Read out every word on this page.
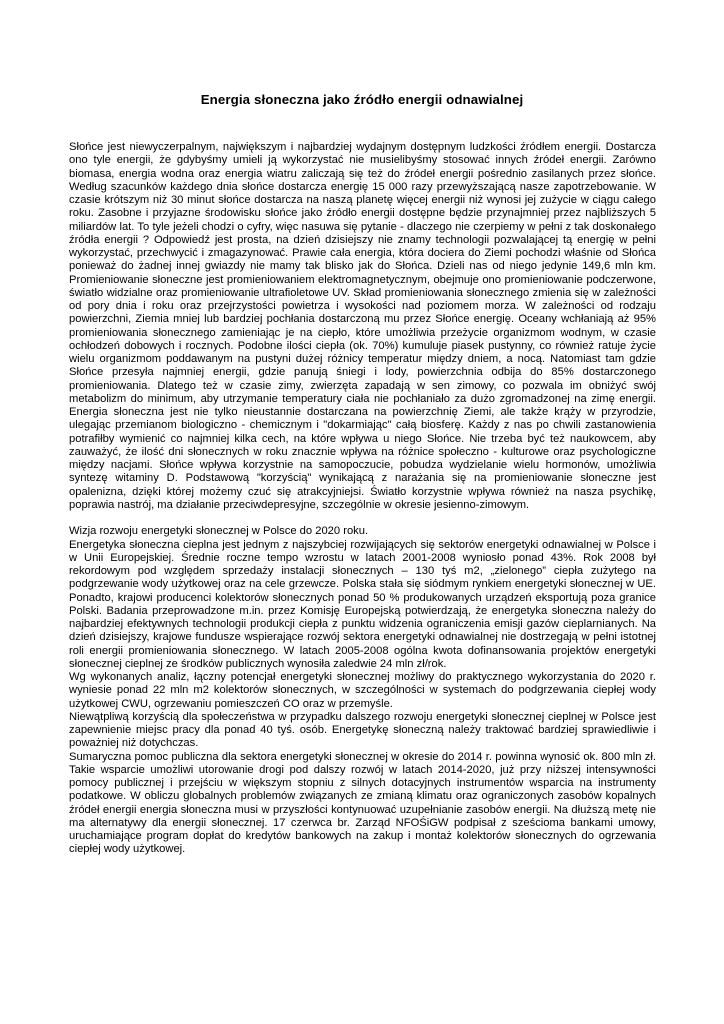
Energia słoneczna jako źródło energii odnawialnej

Słońce jest niewyczerpalnym, największym i najbardziej wydajnym dostępnym ludzkości źródłem energii. Dostarcza ono tyle energii, że gdybyśmy umieli ją wykorzystać nie musielibyśmy stosować innych źródeł energii. Zarówno biomasa, energia wodna oraz energia wiatru zaliczają się też do źródeł energii pośrednio zasilanych przez słońce. Według szacunków każdego dnia słońce dostarcza energię 15 000 razy przewyższającą nasze zapotrzebowanie. W czasie krótszym niż 30 minut słońce dostarcza na naszą planetę więcej energii niż wynosi jej zużycie w ciągu całego roku. Zasobne i przyjazne środowisku słońce jako źródło energii dostępne będzie przynajmniej przez najbliższych 5 miliardów lat. To tyle jeżeli chodzi o cyfry, więc nasuwa się pytanie - dlaczego nie czerpiemy w pełni z tak doskonałego źródła energii ? Odpowiedź jest prosta, na dzień dzisiejszy nie znamy technologii pozwalającej tą energię w pełni wykorzystać, przechwycić i zmagazynować. Prawie cała energia, która dociera do Ziemi pochodzi właśnie od Słońca ponieważ do żadnej innej gwiazdy nie mamy tak blisko jak do Słońca. Dzieli nas od niego jedynie 149,6 mln km. Promieniowanie słoneczne jest promieniowaniem elektromagnetycznym, obejmuje ono promieniowanie podczerwone, światło widzialne oraz promieniowanie ultrafioletowe UV. Skład promieniowania słonecznego zmienia się w zależności od pory dnia i roku oraz przejrzystości powietrza i wysokości nad poziomem morza. W zależności od rodzaju powierzchni, Ziemia mniej lub bardziej pochłania dostarczoną mu przez Słońce energię. Oceany wchłaniają aż 95% promieniowania słonecznego zamieniając je na ciepło, które umożliwia przeżycie organizmom wodnym, w czasie ochłodzeń dobowych i rocznych. Podobne ilości ciepła (ok. 70%) kumuluje piasek pustynny, co również ratuje życie wielu organizmom poddawanym na pustyni dużej różnicy temperatur między dniem, a nocą. Natomiast tam gdzie Słońce przesyła najmniej energii, gdzie panują śniegi i lody, powierzchnia odbija do 85% dostarczonego promieniowania. Dlatego też w czasie zimy, zwierzęta zapadają w sen zimowy, co pozwala im obniżyć swój metabolizm do minimum, aby utrzymanie temperatury ciała nie pochłaniało za dużo zgromadzonej na zimę energii. Energia słoneczna jest nie tylko nieustannie dostarczana na powierzchnię Ziemi, ale także krąży w przyrodzie, ulegając przemianom biologiczno - chemicznym i "dokarmiając" całą biosferę. Każdy z nas po chwili zastanowienia potrafiłby wymienić co najmniej kilka cech, na które wpływa u niego Słońce. Nie trzeba być też naukowcem, aby zauważyć, że ilość dni słonecznych w roku znacznie wpływa na różnice społeczno - kulturowe oraz psychologiczne między nacjami. Słońce wpływa korzystnie na samopoczucie, pobudza wydzielanie wielu hormonów, umożliwia syntezę witaminy D. Podstawową "korzyścią" wynikającą z narażania się na promieniowanie słoneczne jest opalenizna, dzięki której możemy czuć się atrakcyjniejsi. Światło korzystnie wpływa również na nasza psychikę, poprawia nastrój, ma działanie przeciwdepresyjne, szczególnie w okresie jesienno-zimowym.

Wizja rozwoju energetyki słonecznej w Polsce do 2020 roku.

Energetyka słoneczna cieplna jest jednym z najszybciej rozwijających się sektorów energetyki odnawialnej w Polsce i w Unii Europejskiej. Średnie roczne tempo wzrostu w latach 2001-2008 wyniosło ponad 43%. Rok 2008 był rekordowym pod względem sprzedaży instalacji słonecznych – 130 tyś m2, „zielonego” ciepła zużytego na podgrzewanie wody użytkowej oraz na cele grzewcze. Polska stała się siódmym rynkiem energetyki słonecznej w UE. Ponadto, krajowi producenci kolektorów słonecznych ponad 50 % produkowanych urządzeń eksportują poza granice Polski. Badania przeprowadzone m.in. przez Komisję Europejską potwierdzają, że energetyka słoneczna należy do najbardziej efektywnych technologii produkcji ciepła z punktu widzenia ograniczenia emisji gazów cieplarnianych. Na dzień dzisiejszy, krajowe fundusze wspierające rozwój sektora energetyki odnawialnej nie dostrzegają w pełni istotnej roli energii promieniowania słonecznego. W latach 2005-2008 ogólna kwota dofinansowania projektów energetyki słonecznej cieplnej ze środków publicznych wynosiła zaledwie 24 mln zł/rok.

Wg wykonanych analiz, łączny potencjał energetyki słonecznej możliwy do praktycznego wykorzystania do 2020 r. wyniesie ponad 22 mln m2 kolektorów słonecznych, w szczególności w systemach do podgrzewania ciepłej wody użytkowej CWU, ogrzewaniu pomieszczeń CO oraz w przemyśle.

Niewątpliwą korzyścią dla społeczeństwa w przypadku dalszego rozwoju energetyki słonecznej cieplnej w Polsce jest zapewnienie miejsc pracy dla ponad 40 tyś. osób. Energetykę słoneczną należy traktować bardziej sprawiedliwie i poważniej niż dotychczas.

Sumaryczna pomoc publiczna dla sektora energetyki słonecznej w okresie do 2014 r. powinna wynosić ok. 800 mln zł. Takie wsparcie umożliwi utorowanie drogi pod dalszy rozwój w latach 2014-2020, już przy niższej intensywności pomocy publicznej i przejściu w większym stopniu z silnych dotacyjnych instrumentów wsparcia na instrumenty podatkowe. W obliczu globalnych problemów związanych ze zmianą klimatu oraz ograniczonych zasobów kopalnych źródeł energii energia słoneczna musi w przyszłości kontynuować uzupełnianie zasobów energii. Na dłuższą metę nie ma alternatywy dla energii słonecznej. 17 czerwca br. Zarząd NFOŚiGW podpisał z sześcioma bankami umowy, uruchamiające program dopłat do kredytów bankowych na zakup i montaż kolektorów słonecznych do ogrzewania ciepłej wody użytkowej.
